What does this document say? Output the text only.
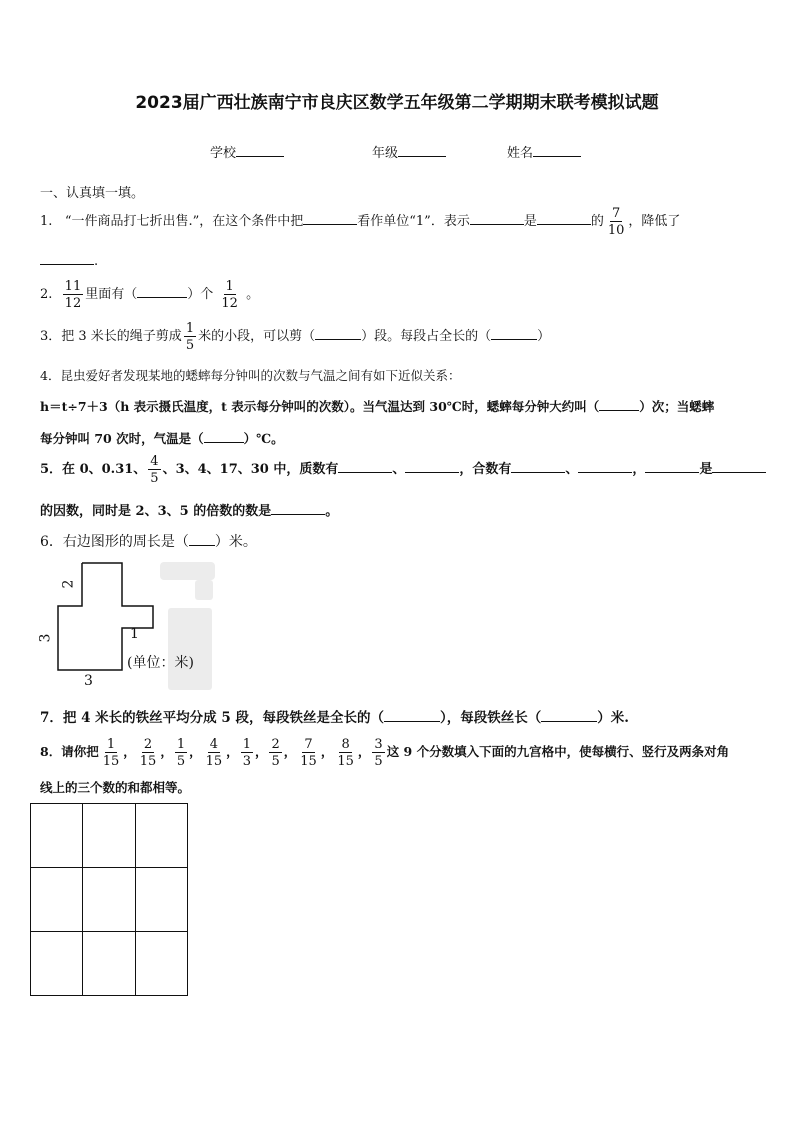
2023届广西壮族南宁市良庆区数学五年级第二学期期末联考模拟试题
学校	年级	姓名
一、认真填一填。
1. “一件商品打七折出售.”，在这个条件中把	看作单位“1”．表示	是	的 $\frac{7}{10}$ ，降低了
.
2. $\frac{11}{12}$ 里面有（	）个 $\frac{1}{12}$ 。
3．把 3 米长的绳子剪成 $\frac{1}{5}$ 米的小段，可以剪（	）段。每段占全长的（	）
4．昆虫爱好者发现某地的蟋蟀每分钟叫的次数与气温之间有如下近似关系：
h＝t÷7＋3（h 表示摄氏温度，t 表示每分钟叫的次数）。当气温达到 30℃时，蟋蟀每分钟大约叫（	）次；当蟋蟀
每分钟叫 70 次时，气温是（	）℃。
5．在 0、0.31、 $\frac{4}{5}$ 、3、4、17、30 中，质数有	、	，合数有	、	，	是
的因数，同时是 2、3、5 的倍数的数是	。
6．右边图形的周长是（ ）米。
2
3	1
3
(单位：米)
7．把 4 米长的铁丝平均分成 5 段，每段铁丝是全长的（	），每段铁丝长（	）米.
8．请你把 $\frac{1}{15}$ ， $\frac{2}{15}$ ， $\frac{1}{5}$ ， $\frac{4}{15}$ ， $\frac{1}{3}$ ， $\frac{2}{5}$ ， $\frac{7}{15}$ ， $\frac{8}{15}$ ， $\frac{3}{5}$ 这 9 个分数填入下面的九宫格中，使每横行、竖行及两条对角
线上的三个数的和都相等。
